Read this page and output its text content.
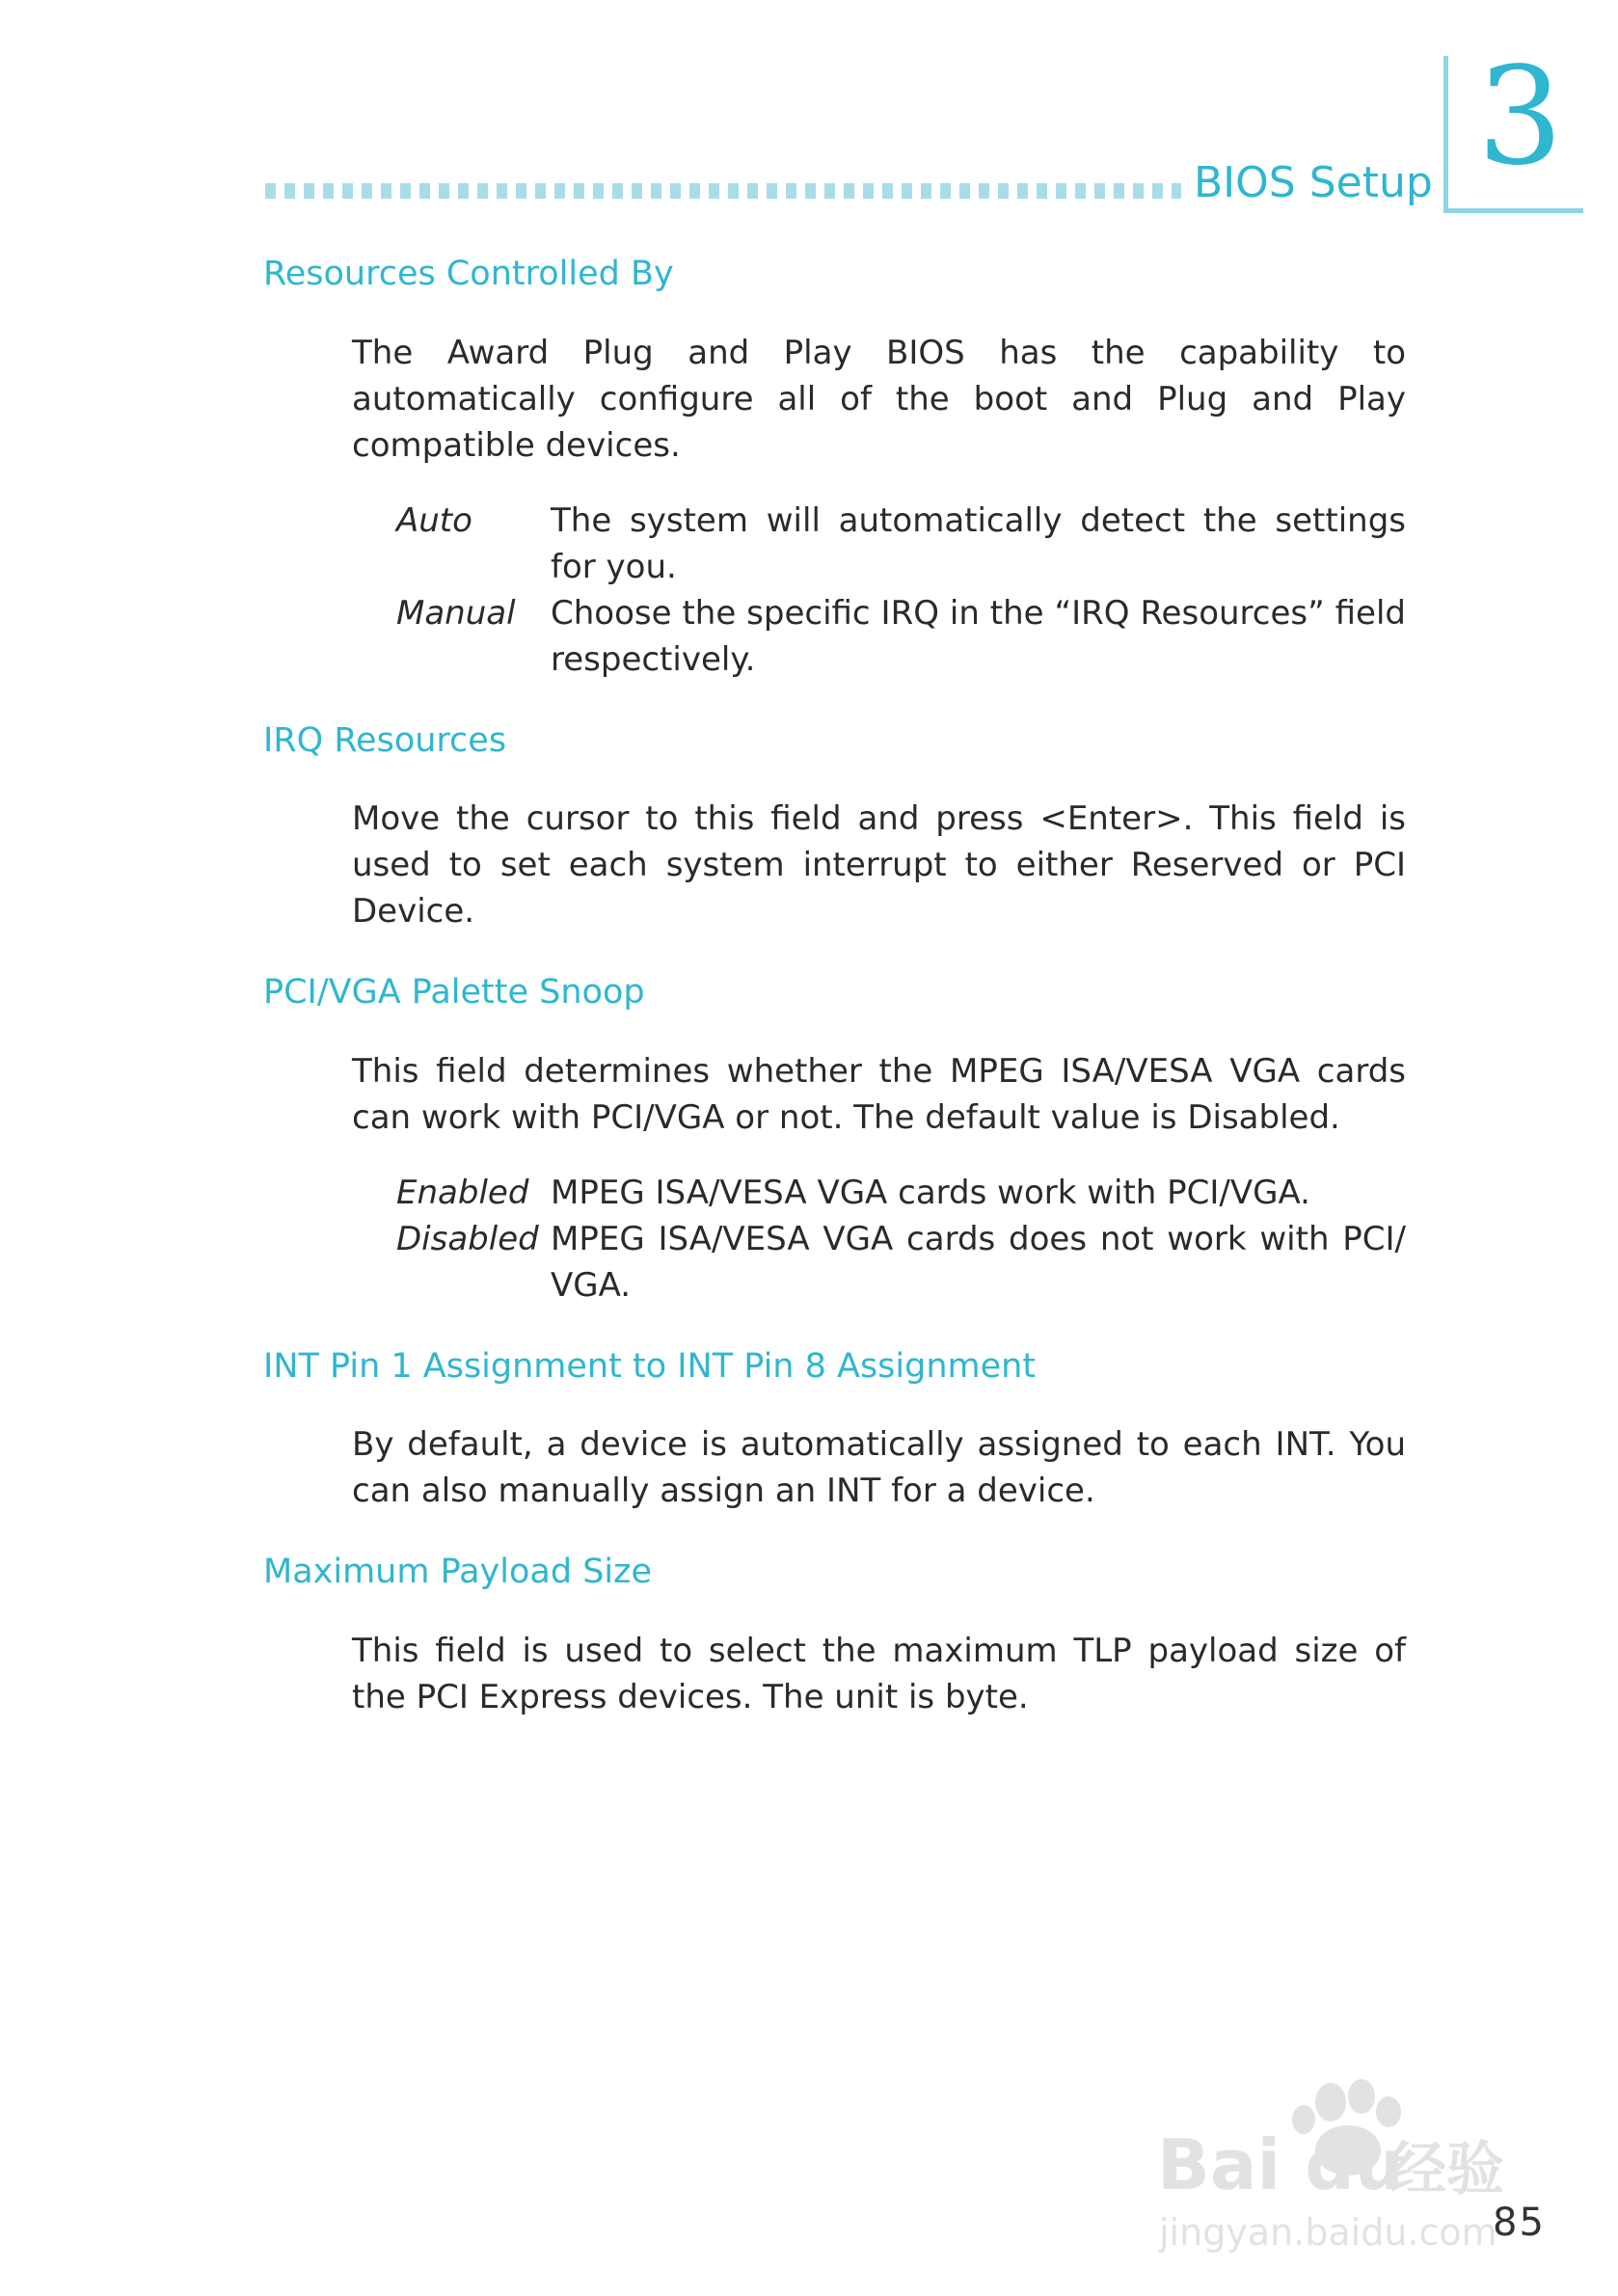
BIOS Setup 3
Resources Controlled By

The Award Plug and Play BIOS has the capability to automatically configure all of the boot and Plug and Play compatible devices.

Auto	The system will automatically detect the settings for you.
Manual	Choose the specific IRQ in the “IRQ Resources” field respectively.
IRQ Resources

Move the cursor to this field and press <Enter>. This field is used to set each system interrupt to either Reserved or PCI Device.

PCI/VGA Palette Snoop

This field determines whether the MPEG ISA/VESA VGA cards can work with PCI/VGA or not. The default value is Disabled.

Enabled MPEG ISA/VESA VGA cards work with PCI/VGA.
Disabled MPEG ISA/VESA VGA cards does not work with PCI/ VGA.
INT Pin 1 Assignment to INT Pin 8 Assignment

By default, a device is automatically assigned to each INT. You can also manually assign an INT for a device.

Maximum Payload Size

This field is used to select the maximum TLP payload size of the PCI Express devices. The unit is byte.

Bai du
经验
jingyan.baidu.com
85
